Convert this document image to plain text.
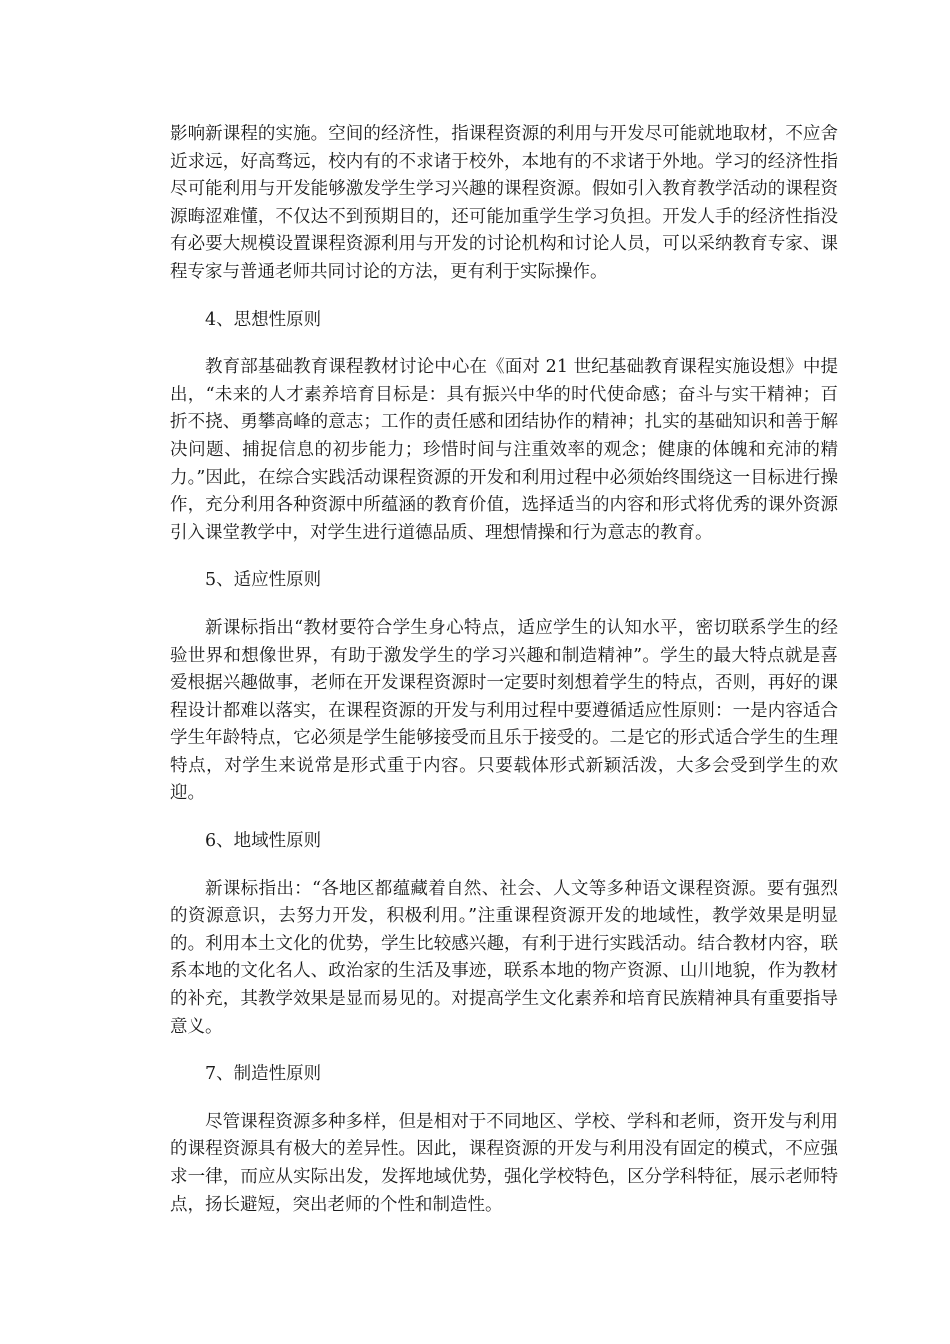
影响新课程的实施。空间的经济性，指课程资源的利用与开发尽可能就地取材，不应舍近求远，好高骛远，校内有的不求诸于校外，本地有的不求诸于外地。学习的经济性指尽可能利用与开发能够激发学生学习兴趣的课程资源。假如引入教育教学活动的课程资源晦涩难懂，不仅达不到预期目的，还可能加重学生学习负担。开发人手的经济性指没有必要大规模设置课程资源利用与开发的讨论机构和讨论人员，可以采纳教育专家、课程专家与普通老师共同讨论的方法，更有利于实际操作。

4、思想性原则

教育部基础教育课程教材讨论中心在《面对 21 世纪基础教育课程实施设想》中提出，“未来的人才素养培育目标是：具有振兴中华的时代使命感；奋斗与实干精神；百折不挠、勇攀高峰的意志；工作的责任感和团结协作的精神；扎实的基础知识和善于解决问题、捕捉信息的初步能力；珍惜时间与注重效率的观念；健康的体魄和充沛的精力。”因此，在综合实践活动课程资源的开发和利用过程中必须始终围绕这一目标进行操作，充分利用各种资源中所蕴涵的教育价值，选择适当的内容和形式将优秀的课外资源引入课堂教学中，对学生进行道德品质、理想情操和行为意志的教育。

5、适应性原则

新课标指出“教材要符合学生身心特点，适应学生的认知水平，密切联系学生的经验世界和想像世界，有助于激发学生的学习兴趣和制造精神”。学生的最大特点就是喜爱根据兴趣做事，老师在开发课程资源时一定要时刻想着学生的特点，否则，再好的课程设计都难以落实，在课程资源的开发与利用过程中要遵循适应性原则：一是内容适合学生年龄特点，它必须是学生能够接受而且乐于接受的。二是它的形式适合学生的生理特点，对学生来说常是形式重于内容。只要载体形式新颖活泼，大多会受到学生的欢迎。

6、地域性原则

新课标指出：“各地区都蕴藏着自然、社会、人文等多种语文课程资源。要有强烈的资源意识，去努力开发，积极利用。”注重课程资源开发的地域性，教学效果是明显的。利用本土文化的优势，学生比较感兴趣，有利于进行实践活动。结合教材内容，联系本地的文化名人、政治家的生活及事迹，联系本地的物产资源、山川地貌，作为教材的补充，其教学效果是显而易见的。对提高学生文化素养和培育民族精神具有重要指导意义。

7、制造性原则

尽管课程资源多种多样，但是相对于不同地区、学校、学科和老师，资开发与利用的课程资源具有极大的差异性。因此，课程资源的开发与利用没有固定的模式，不应强求一律，而应从实际出发，发挥地域优势，强化学校特色，区分学科特征，展示老师特点，扬长避短，突出老师的个性和制造性。
